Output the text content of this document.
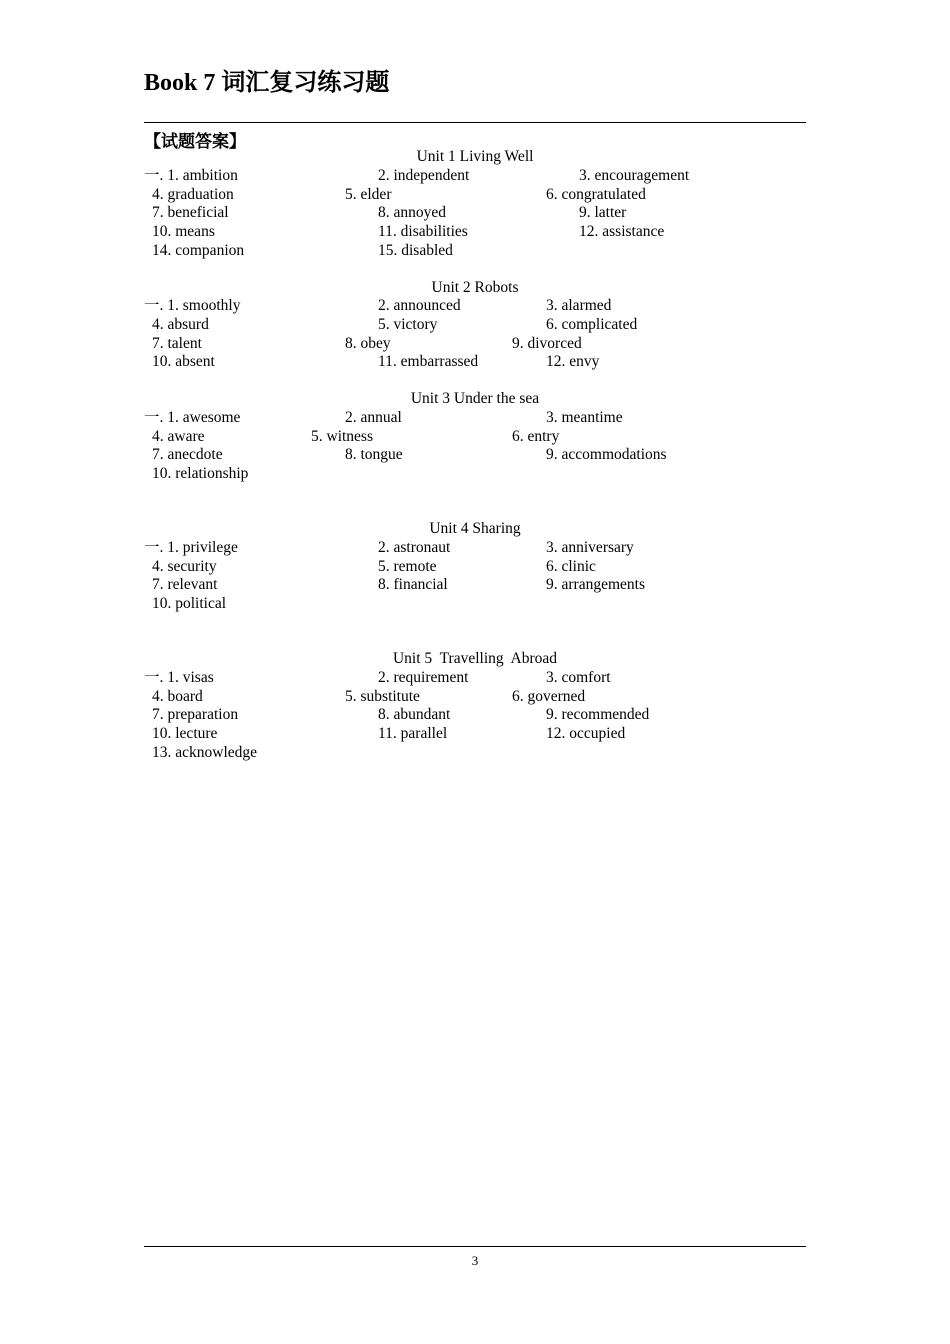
Book 7 词汇复习练习题
【试题答案】
Unit 1 Living Well
一. 1. ambition	2. independent	3. encouragement
4. graduation	5. elder	6. congratulated
7. beneficial	8. annoyed	9. latter
10. means	11. disabilities	12. assistance
14. companion	15. disabled
Unit 2 Robots
一. 1. smoothly	2. announced	3. alarmed
4. absurd	5. victory	6. complicated
7. talent	8. obey	9. divorced
10. absent	11. embarrassed	12. envy
Unit 3 Under the sea
一. 1. awesome	2. annual	3. meantime
4. aware	5. witness	6. entry
7. anecdote	8. tongue	9. accommodations
10. relationship
Unit 4 Sharing
一. 1. privilege	2. astronaut	3. anniversary
4. security	5. remote	6. clinic
7. relevant	8. financial	9. arrangements
10. political
Unit 5  Travelling  Abroad
一. 1. visas	2. requirement	3. comfort
4. board	5. substitute	6. governed
7. preparation	8. abundant	9. recommended
10. lecture	11. parallel	12. occupied
13. acknowledge
3
